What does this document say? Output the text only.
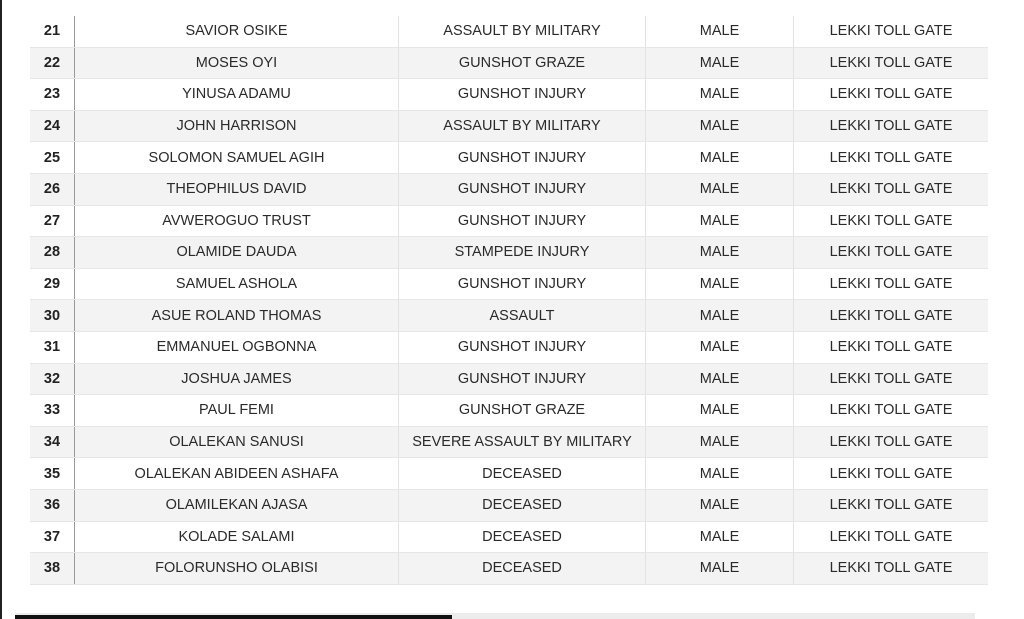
21	SAVIOR OSIKE	ASSAULT BY MILITARY	MALE	LEKKI TOLL GATE
22	MOSES OYI	GUNSHOT GRAZE	MALE	LEKKI TOLL GATE
23	YINUSA ADAMU	GUNSHOT INJURY	MALE	LEKKI TOLL GATE
24	JOHN HARRISON	ASSAULT BY MILITARY	MALE	LEKKI TOLL GATE
25	SOLOMON SAMUEL AGIH	GUNSHOT INJURY	MALE	LEKKI TOLL GATE
26	THEOPHILUS DAVID	GUNSHOT INJURY	MALE	LEKKI TOLL GATE
27	AVWEROGUO TRUST	GUNSHOT INJURY	MALE	LEKKI TOLL GATE
28	OLAMIDE DAUDA	STAMPEDE INJURY	MALE	LEKKI TOLL GATE
29	SAMUEL ASHOLA	GUNSHOT INJURY	MALE	LEKKI TOLL GATE
30	ASUE ROLAND THOMAS	ASSAULT	MALE	LEKKI TOLL GATE
31	EMMANUEL OGBONNA	GUNSHOT INJURY	MALE	LEKKI TOLL GATE
32	JOSHUA JAMES	GUNSHOT INJURY	MALE	LEKKI TOLL GATE
33	PAUL FEMI	GUNSHOT GRAZE	MALE	LEKKI TOLL GATE
34	OLALEKAN SANUSI	SEVERE ASSAULT BY MILITARY	MALE	LEKKI TOLL GATE
35	OLALEKAN ABIDEEN ASHAFA	DECEASED	MALE	LEKKI TOLL GATE
36	OLAMILEKAN AJASA	DECEASED	MALE	LEKKI TOLL GATE
37	KOLADE SALAMI	DECEASED	MALE	LEKKI TOLL GATE
38	FOLORUNSHO OLABISI	DECEASED	MALE	LEKKI TOLL GATE
